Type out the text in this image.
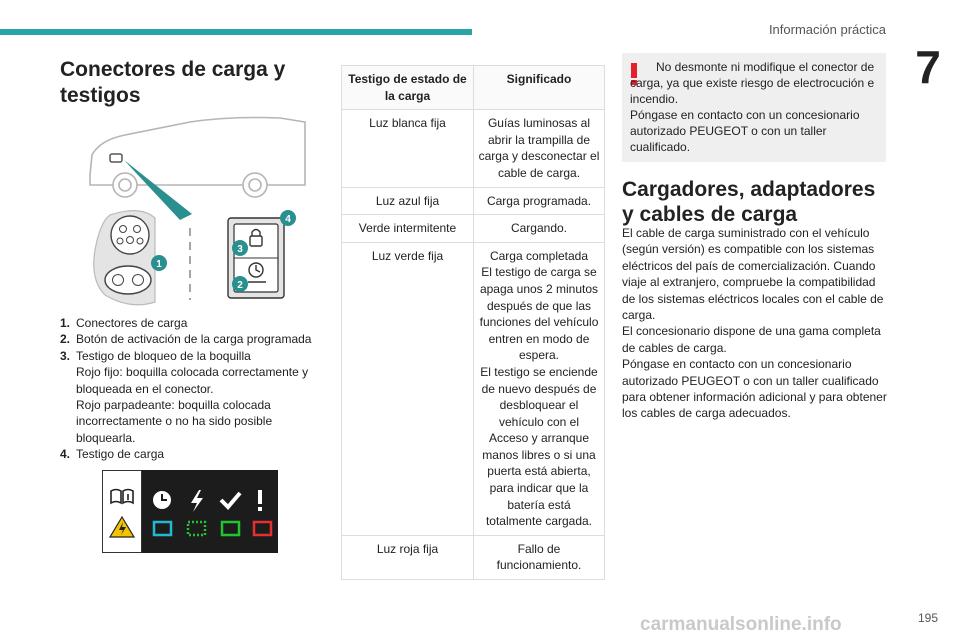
Información práctica
7
Conectores de carga y testigos
1
4
3
2
1. Conectores de carga
2. Botón de activación de la carga programada
3. Testigo de bloqueo de la boquilla
Rojo fijo: boquilla colocada correctamente y bloqueada en el conector.
Rojo parpadeante: boquilla colocada incorrectamente o no ha sido posible bloquearla.
4. Testigo de carga
Testigo de estado de la carga	Significado
Luz blanca fija	Guías luminosas al abrir la trampilla de carga y desconectar el cable de carga.
Luz azul fija	Carga programada.
Verde intermitente	Cargando.
Luz verde fija	Carga completada
El testigo de carga se apaga unos 2 minutos después de que las funciones del vehículo entren en modo de espera.
El testigo se enciende de nuevo después de desbloquear el vehículo con el Acceso y arranque manos libres o si una puerta está abierta, para indicar que la batería está totalmente cargada.
Luz roja fija	Fallo de funcionamiento.
No desmonte ni modifique el conector de carga, ya que existe riesgo de electrocución e incendio.
Póngase en contacto con un concesionario autorizado PEUGEOT o con un taller cualificado.
Cargadores, adaptadores y cables de carga
El cable de carga suministrado con el vehículo (según versión) es compatible con los sistemas eléctricos del país de comercialización. Cuando viaje al extranjero, compruebe la compatibilidad de los sistemas eléctricos locales con el cable de carga.
El concesionario dispone de una gama completa de cables de carga.
Póngase en contacto con un concesionario autorizado PEUGEOT o con un taller cualificado para obtener información adicional y para obtener los cables de carga adecuados.
carmanualsonline.info	195
